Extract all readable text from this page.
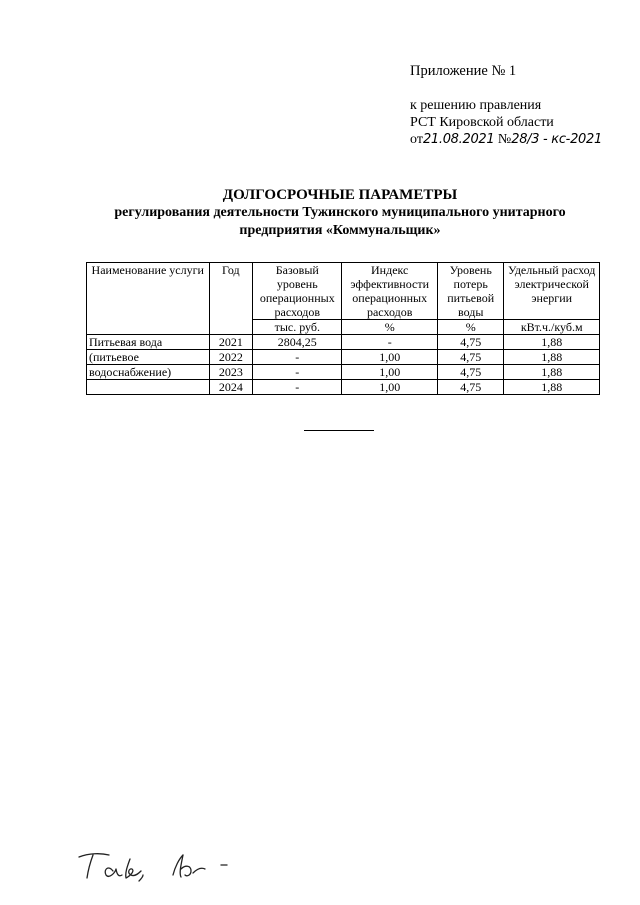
Приложение № 1
к решению правления
РСТ Кировской области
от21.08.2021 №28/3 - кс-2021
ДОЛГОСРОЧНЫЕ ПАРАМЕТРЫ
регулирования деятельности Тужинского муниципального унитарного
предприятия «Коммунальщик»
Наименование услуги	Год	Базовый уровень операционных расходов	Индекс эффективности операционных расходов	Уровень потерь питьевой воды	Удельный расход электрической энергии
		тыс. руб.	%	%	кВт.ч./куб.м
Питьевая вода	2021	2804,25	-	4,75	1,88
(питьевое	2022	-	1,00	4,75	1,88
водоснабжение)	2023	-	1,00	4,75	1,88
	2024	-	1,00	4,75	1,88
